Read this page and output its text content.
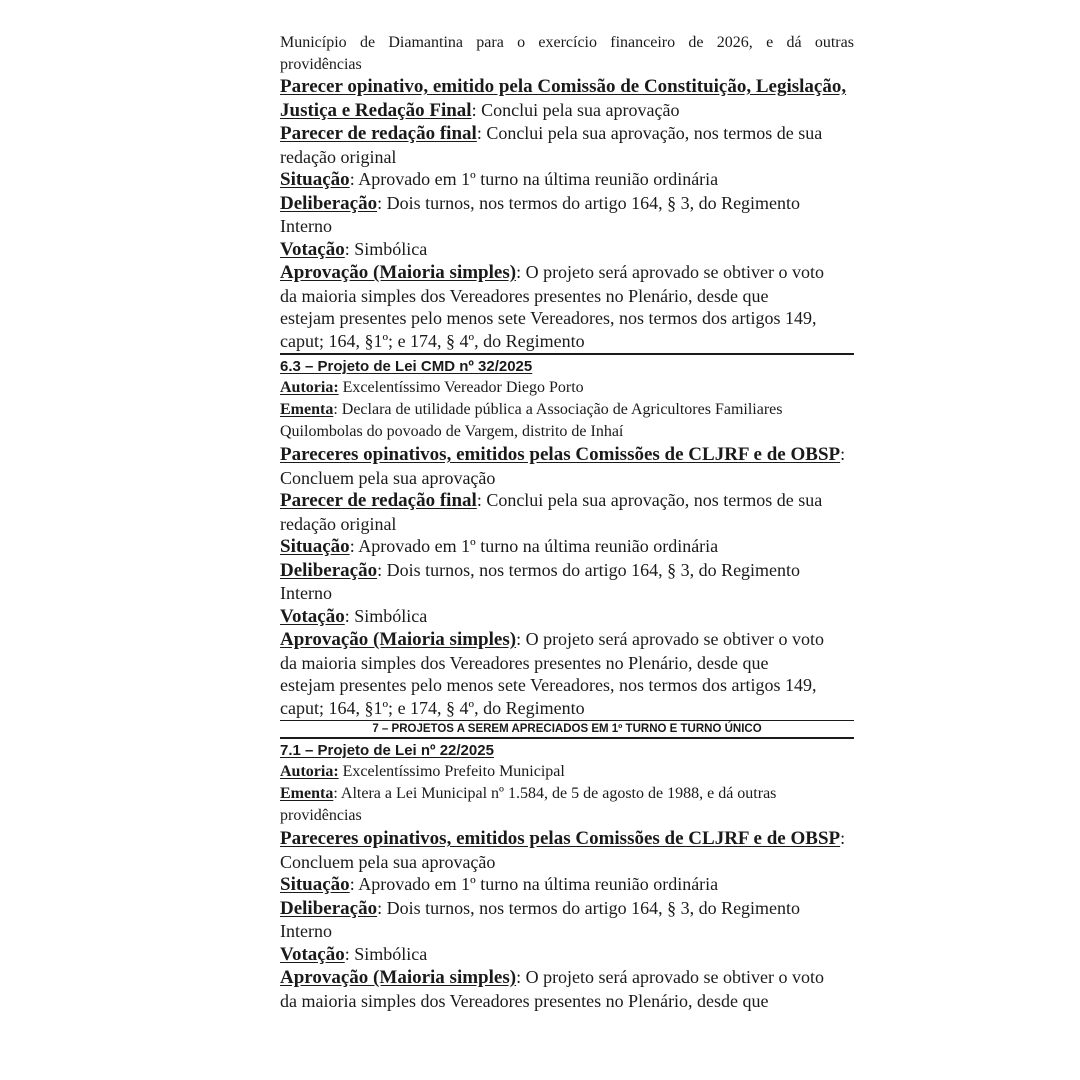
Município de Diamantina para o exercício financeiro de 2026, e dá outras
providências
Parecer opinativo, emitido pela Comissão de Constituição, Legislação,
Justiça e Redação Final: Conclui pela sua aprovação
Parecer de redação final: Conclui pela sua aprovação, nos termos de sua
redação original
Situação: Aprovado em 1º turno na última reunião ordinária
Deliberação: Dois turnos, nos termos do artigo 164, § 3, do Regimento
Interno
Votação: Simbólica
Aprovação (Maioria simples): O projeto será aprovado se obtiver o voto
da maioria simples dos Vereadores presentes no Plenário, desde que
estejam presentes pelo menos sete Vereadores, nos termos dos artigos 149,
caput; 164, §1º; e 174, § 4º, do Regimento
6.3 – Projeto de Lei CMD nº 32/2025
Autoria: Excelentíssimo Vereador Diego Porto
Ementa: Declara de utilidade pública a Associação de Agricultores Familiares
Quilombolas do povoado de Vargem, distrito de Inhaí
Pareceres opinativos, emitidos pelas Comissões de CLJRF e de OBSP:
Concluem pela sua aprovação
Parecer de redação final: Conclui pela sua aprovação, nos termos de sua
redação original
Situação: Aprovado em 1º turno na última reunião ordinária
Deliberação: Dois turnos, nos termos do artigo 164, § 3, do Regimento
Interno
Votação: Simbólica
Aprovação (Maioria simples): O projeto será aprovado se obtiver o voto
da maioria simples dos Vereadores presentes no Plenário, desde que
estejam presentes pelo menos sete Vereadores, nos termos dos artigos 149,
caput; 164, §1º; e 174, § 4º, do Regimento
7 – PROJETOS A SEREM APRECIADOS EM 1º TURNO E TURNO ÚNICO
7.1 – Projeto de Lei nº 22/2025
Autoria: Excelentíssimo Prefeito Municipal
Ementa: Altera a Lei Municipal nº 1.584, de 5 de agosto de 1988, e dá outras
providências
Pareceres opinativos, emitidos pelas Comissões de CLJRF e de OBSP:
Concluem pela sua aprovação
Situação: Aprovado em 1º turno na última reunião ordinária
Deliberação: Dois turnos, nos termos do artigo 164, § 3, do Regimento
Interno
Votação: Simbólica
Aprovação (Maioria simples): O projeto será aprovado se obtiver o voto
da maioria simples dos Vereadores presentes no Plenário, desde que
